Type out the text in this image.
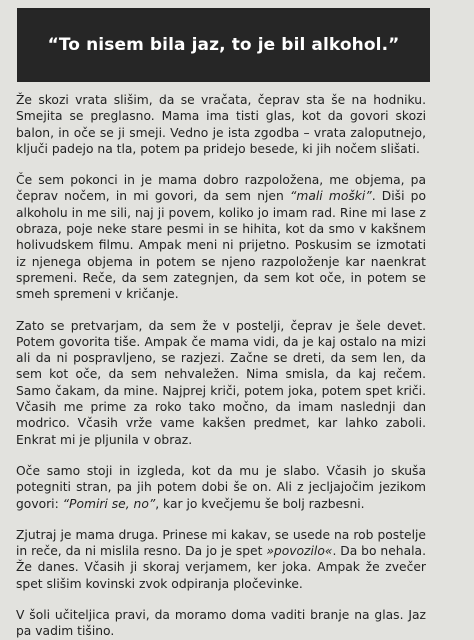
“To nisem bila jaz, to je bil alkohol.”

Že skozi vrata slišim, da se vračata, čeprav sta še na hodniku. Smejita se preglasno. Mama ima tisti glas, kot da govori skozi balon, in oče se ji smeji. Vedno je ista zgodba – vrata zaloputnejo, ključi padejo na tla, potem pa pridejo besede, ki jih nočem slišati.

Če sem pokonci in je mama dobro razpoložena, me objema, pa čeprav nočem, in mi govori, da sem njen “mali moški”. Diši po alkoholu in me sili, naj ji povem, koliko jo imam rad. Rine mi lase z obraza, poje neke stare pesmi in se hihita, kot da smo v kakšnem holivudskem filmu. Ampak meni ni prijetno. Poskusim se izmotati iz njenega objema in potem se njeno razpoloženje kar naenkrat spremeni. Reče, da sem zategnjen, da sem kot oče, in potem se smeh spremeni v kričanje.

Zato se pretvarjam, da sem že v postelji, čeprav je šele devet. Potem govorita tiše. Ampak če mama vidi, da je kaj ostalo na mizi ali da ni pospravljeno, se razjezi. Začne se dreti, da sem len, da sem kot oče, da sem nehvaležen. Nima smisla, da kaj rečem. Samo čakam, da mine. Najprej kriči, potem joka, potem spet kriči. Včasih me prime za roko tako močno, da imam naslednji dan modrico. Včasih vrže vame kakšen predmet, kar lahko zaboli. Enkrat mi je pljunila v obraz.

Oče samo stoji in izgleda, kot da mu je slabo. Včasih jo skuša potegniti stran, pa jih potem dobi še on. Ali z jecljajočim jezikom govori: “Pomiri se, no”, kar jo kvečjemu še bolj razbesni.

Zjutraj je mama druga. Prinese mi kakav, se usede na rob postelje in reče, da ni mislila resno. Da jo je spet »povozilo«. Da bo nehala. Že danes. Včasih ji skoraj verjamem, ker joka. Ampak že zvečer spet slišim kovinski zvok odpiranja pločevinke.

V šoli učiteljica pravi, da moramo doma vaditi branje na glas. Jaz pa vadim tišino.
